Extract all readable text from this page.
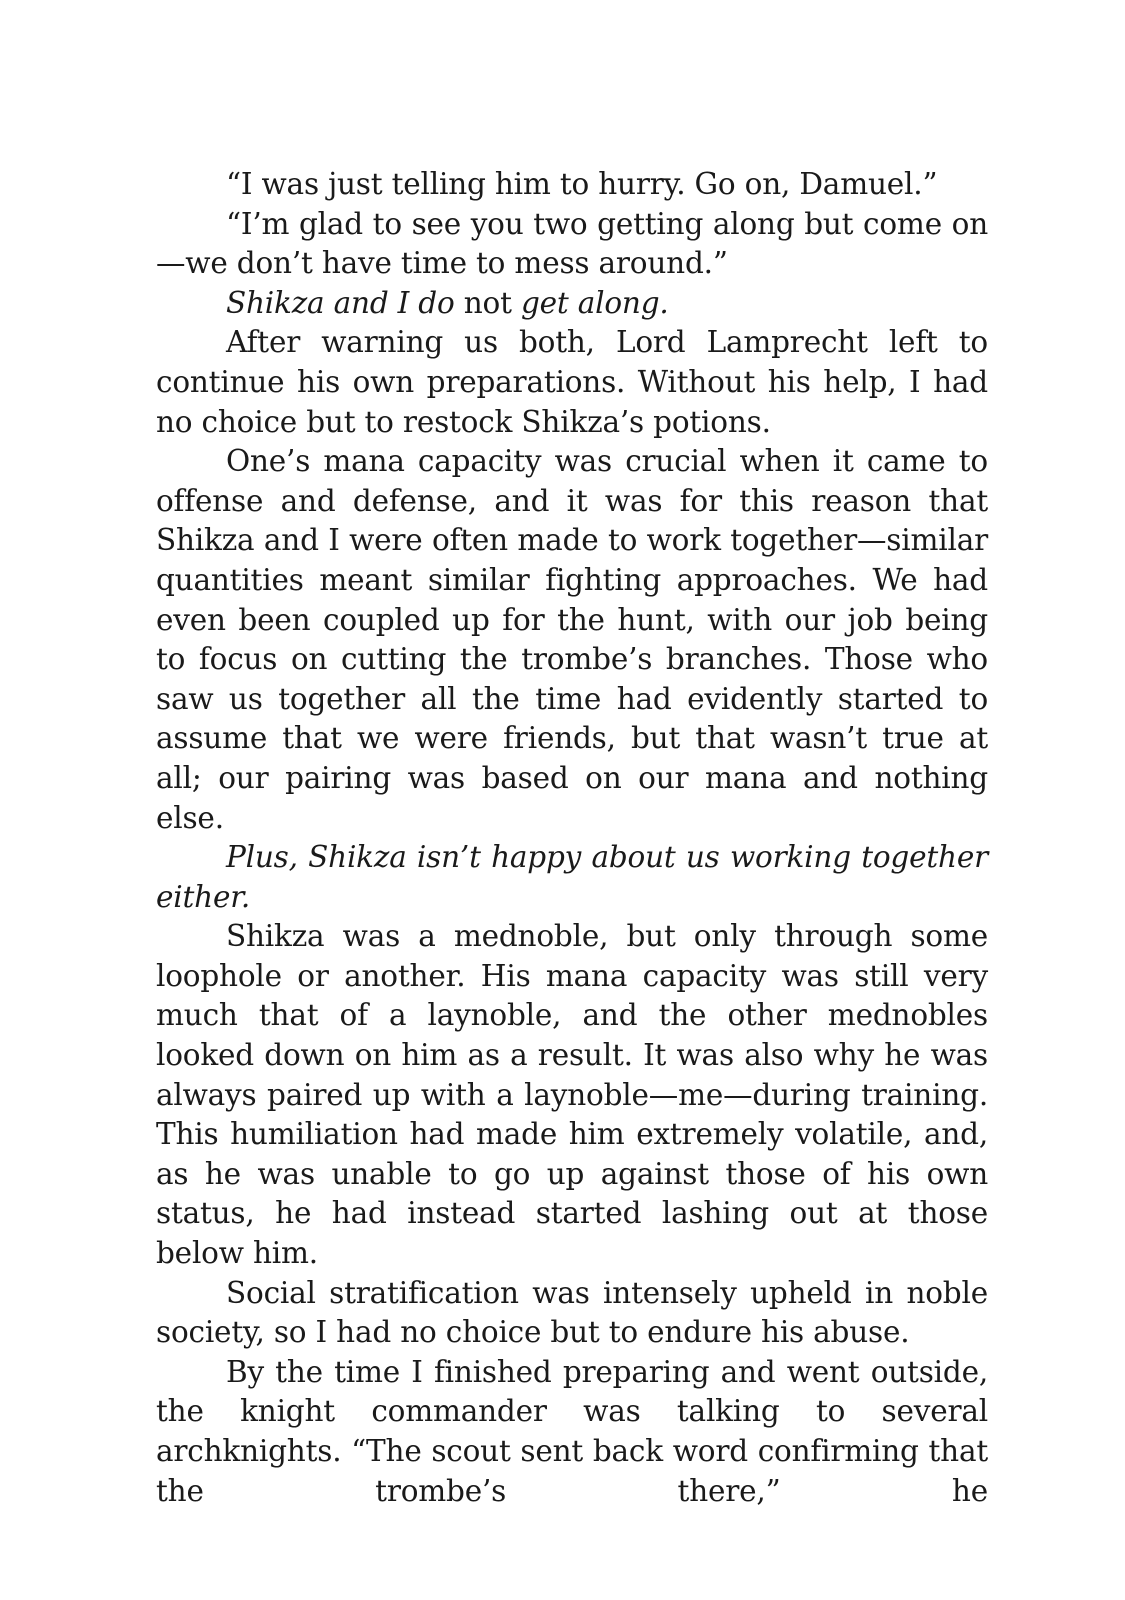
“I was just telling him to hurry. Go on, Damuel.”

“I’m glad to see you two getting along but come on—we don’t have time to mess around.”

Shikza and I do not get along.

After warning us both, Lord Lamprecht left to continue his own preparations. Without his help, I had no choice but to restock Shikza’s potions.

One’s mana capacity was crucial when it came to offense and defense, and it was for this reason that Shikza and I were often made to work together—similar quantities meant similar fighting approaches. We had even been coupled up for the hunt, with our job being to focus on cutting the trombe’s branches. Those who saw us together all the time had evidently started to assume that we were friends, but that wasn’t true at all; our pairing was based on our mana and nothing else.

Plus, Shikza isn’t happy about us working together either.

Shikza was a mednoble, but only through some loophole or another. His mana capacity was still very much that of a laynoble, and the other mednobles looked down on him as a result. It was also why he was always paired up with a laynoble—me—during training. This humiliation had made him extremely volatile, and, as he was unable to go up against those of his own status, he had instead started lashing out at those below him.

Social stratification was intensely upheld in noble society, so I had no choice but to endure his abuse.

By the time I finished preparing and went outside, the knight commander was talking to several archknights. “The scout sent back word confirming that the trombe’s there,” he
